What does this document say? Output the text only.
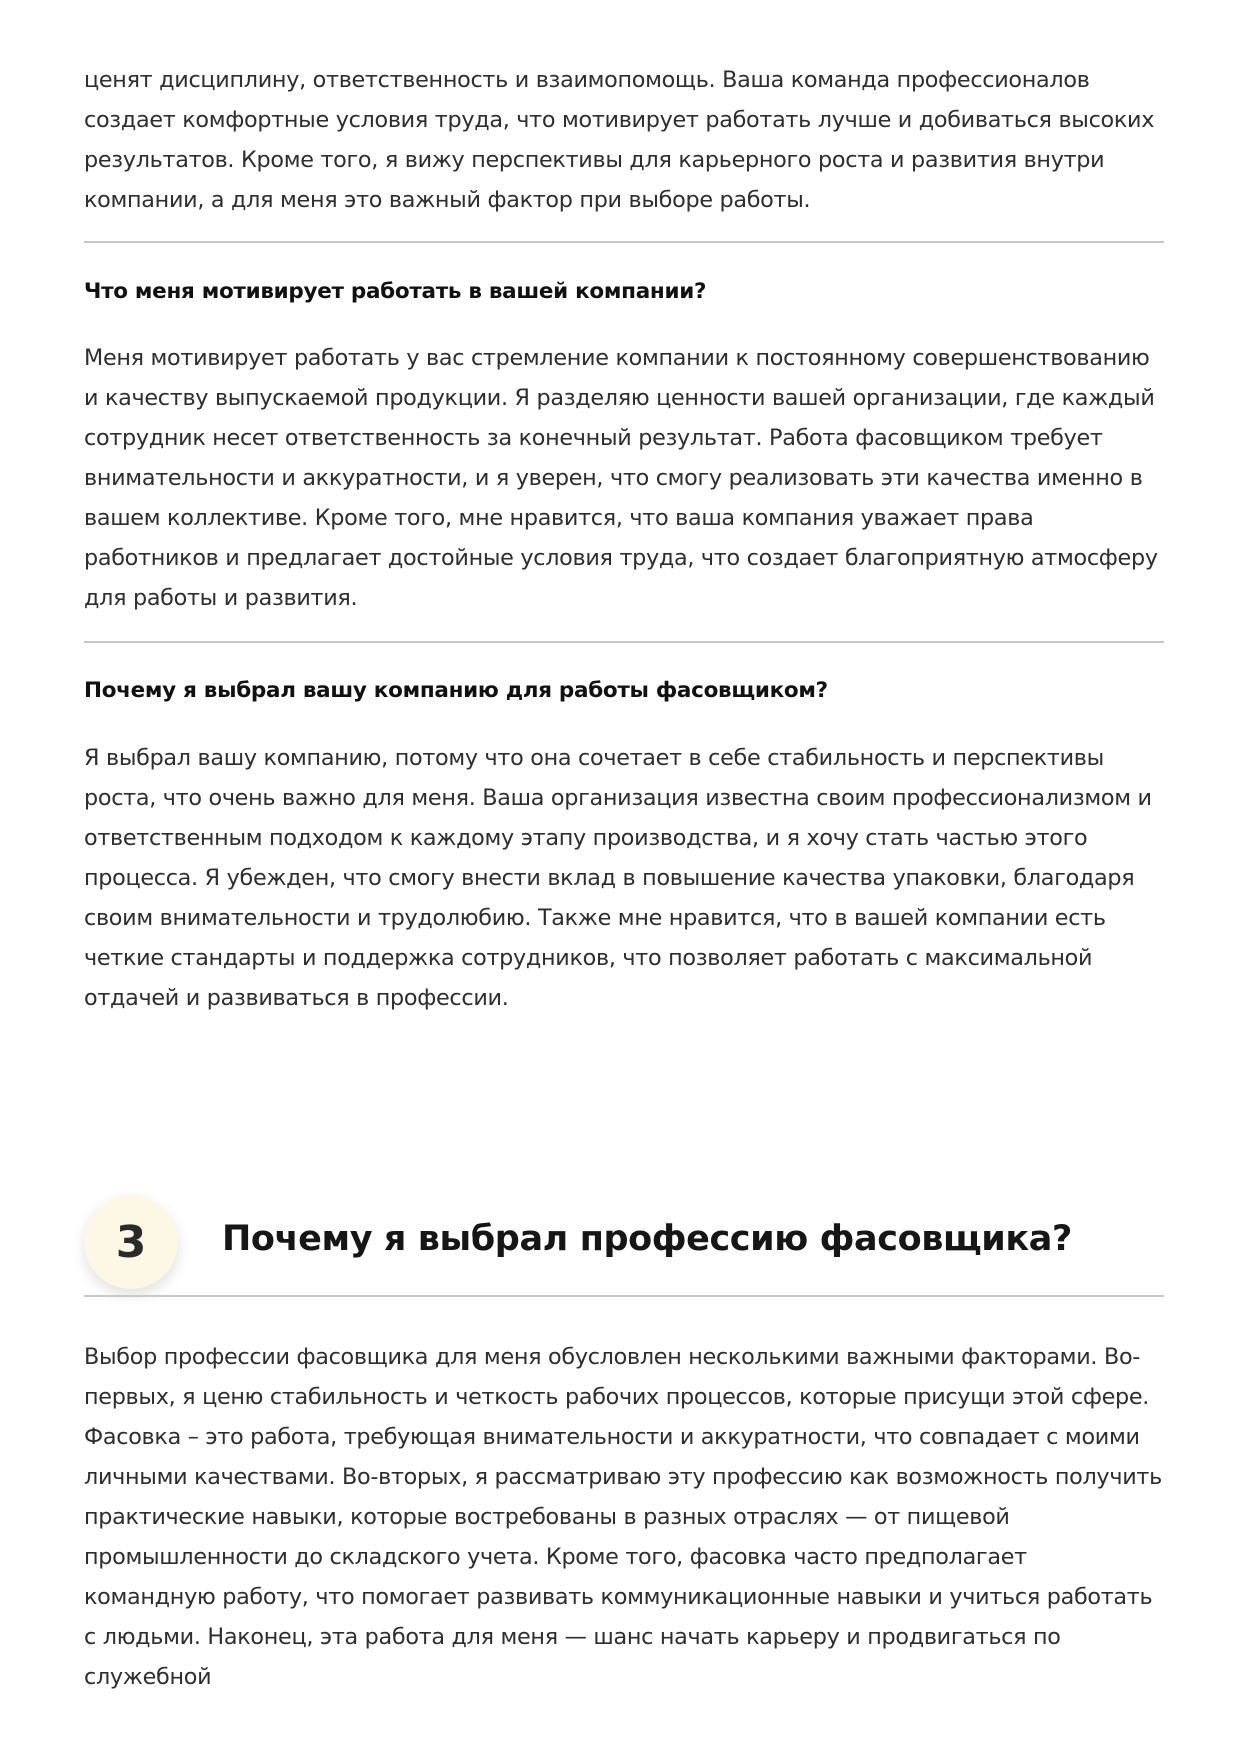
ценят дисциплину, ответственность и взаимопомощь. Ваша команда профессионалов создает комфортные условия труда, что мотивирует работать лучше и добиваться высоких результатов. Кроме того, я вижу перспективы для карьерного роста и развития внутри компании, а для меня это важный фактор при выборе работы.

Что меня мотивирует работать в вашей компании?

Меня мотивирует работать у вас стремление компании к постоянному совершенствованию и качеству выпускаемой продукции. Я разделяю ценности вашей организации, где каждый сотрудник несет ответственность за конечный результат. Работа фасовщиком требует внимательности и аккуратности, и я уверен, что смогу реализовать эти качества именно в вашем коллективе. Кроме того, мне нравится, что ваша компания уважает права работников и предлагает достойные условия труда, что создает благоприятную атмосферу для работы и развития.

Почему я выбрал вашу компанию для работы фасовщиком?

Я выбрал вашу компанию, потому что она сочетает в себе стабильность и перспективы роста, что очень важно для меня. Ваша организация известна своим профессионализмом и ответственным подходом к каждому этапу производства, и я хочу стать частью этого процесса. Я убежден, что смогу внести вклад в повышение качества упаковки, благодаря своим внимательности и трудолюбию. Также мне нравится, что в вашей компании есть четкие стандарты и поддержка сотрудников, что позволяет работать с максимальной отдачей и развиваться в профессии.

3	Почему я выбрал профессию фасовщика?

Выбор профессии фасовщика для меня обусловлен несколькими важными факторами. Во-первых, я ценю стабильность и четкость рабочих процессов, которые присущи этой сфере. Фасовка – это работа, требующая внимательности и аккуратности, что совпадает с моими личными качествами. Во-вторых, я рассматриваю эту профессию как возможность получить практические навыки, которые востребованы в разных отраслях — от пищевой промышленности до складского учета. Кроме того, фасовка часто предполагает командную работу, что помогает развивать коммуникационные навыки и учиться работать с людьми. Наконец, эта работа для меня — шанс начать карьеру и продвигаться по служебной
